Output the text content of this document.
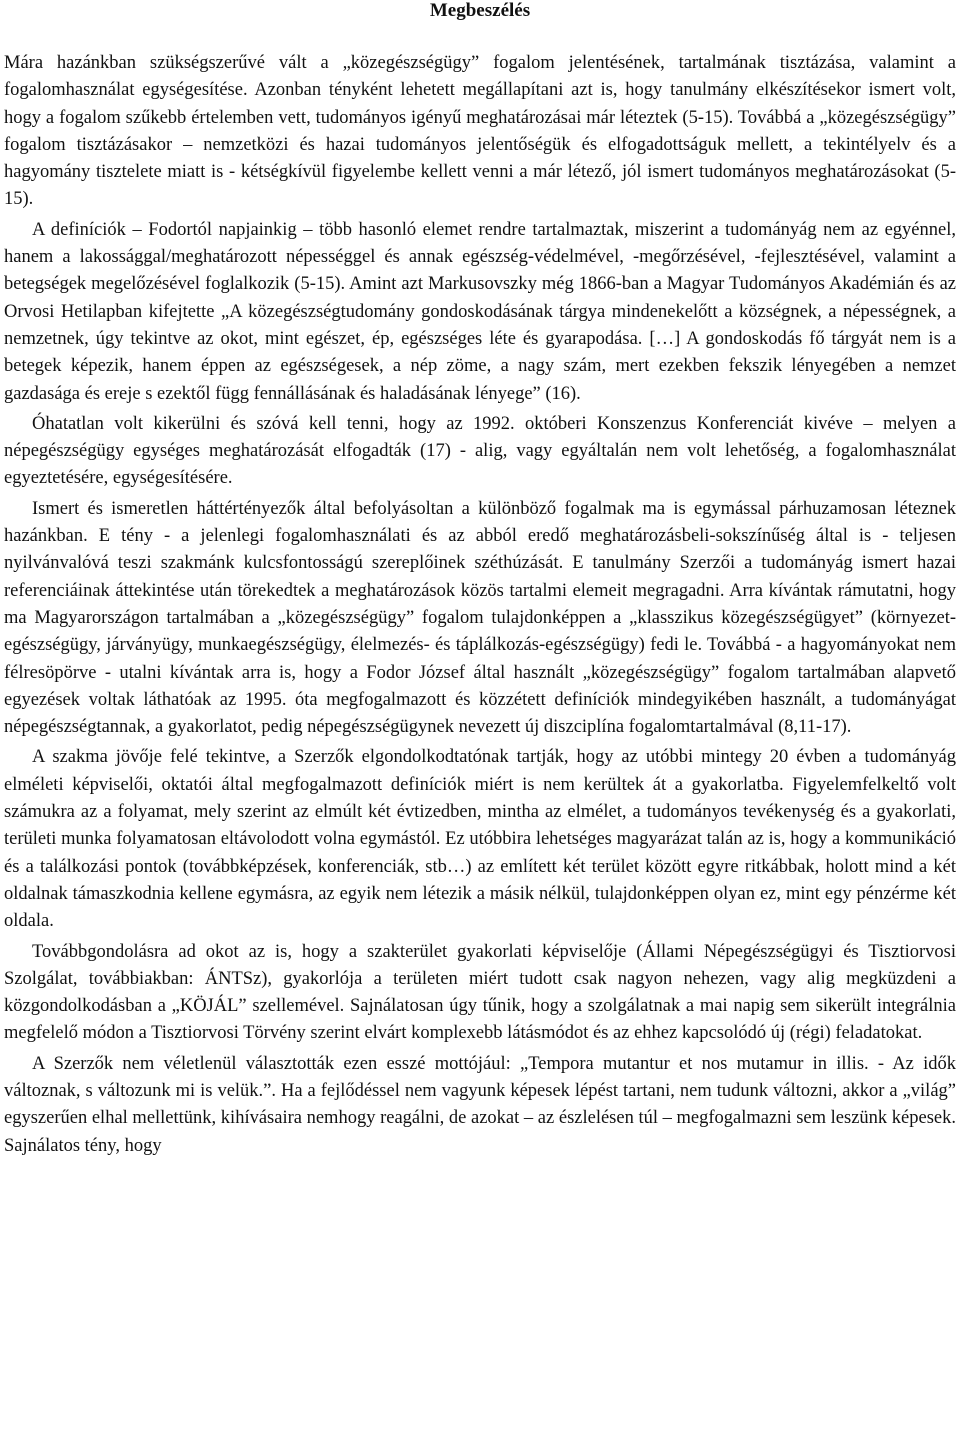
Megbeszélés

Mára hazánkban szükségszerűvé vált a „közegészségügy” fogalom jelentésének, tartalmának tisztázása, valamint a fogalomhasználat egységesítése. Azonban tényként lehetett megállapítani azt is, hogy tanulmány elkészítésekor ismert volt, hogy a fogalom szűkebb értelemben vett, tudományos igényű meghatározásai már léteztek (5-15). Továbbá a „közegészségügy” fogalom tisztázásakor – nemzetközi és hazai tudományos jelentőségük és elfogadottságuk mellett, a tekintélyelv és a hagyomány tisztelete miatt is - kétségkívül figyelembe kellett venni a már létező, jól ismert tudományos meghatározásokat (5-15).

A definíciók – Fodortól napjainkig – több hasonló elemet rendre tartalmaztak, miszerint a tudományág nem az egyénnel, hanem a lakossággal/meghatározott népességgel és annak egészség-védelmével, -megőrzésével, -fejlesztésével, valamint a betegségek megelőzésével foglalkozik (5-15). Amint azt Markusovszky még 1866-ban a Magyar Tudományos Akadémián és az Orvosi Hetilapban kifejtette „A közegészségtudomány gondoskodásának tárgya mindenekelőtt a községnek, a népességnek, a nemzetnek, úgy tekintve az okot, mint egészet, ép, egészséges léte és gyarapodása. […] A gondoskodás fő tárgyát nem is a betegek képezik, hanem éppen az egészségesek, a nép zöme, a nagy szám, mert ezekben fekszik lényegében a nemzet gazdasága és ereje s ezektől függ fennállásának és haladásának lényege” (16).

Óhatatlan volt kikerülni és szóvá kell tenni, hogy az 1992. októberi Konszenzus Konferenciát kivéve – melyen a népegészségügy egységes meghatározását elfogadták (17) - alig, vagy egyáltalán nem volt lehetőség, a fogalomhasználat egyeztetésére, egységesítésére.

Ismert és ismeretlen háttértényezők által befolyásoltan a különböző fogalmak ma is egymással párhuzamosan léteznek hazánkban. E tény - a jelenlegi fogalomhasználati és az abból eredő meghatározásbeli-sokszínűség által is - teljesen nyilvánvalóvá teszi szakmánk kulcsfontosságú szereplőinek széthúzását. E tanulmány Szerzői a tudományág ismert hazai referenciáinak áttekintése után törekedtek a meghatározások közös tartalmi elemeit megragadni. Arra kívántak rámutatni, hogy ma Magyarországon tartalmában a „közegészségügy” fogalom tulajdonképpen a „klasszikus közegészségügyet” (környezet-egészségügy, járványügy, munkaegészségügy, élelmezés- és táplálkozás-egészségügy) fedi le. Továbbá - a hagyományokat nem félresöpörve - utalni kívántak arra is, hogy a Fodor József által használt „közegészségügy” fogalom tartalmában alapvető egyezések voltak láthatóak az 1995. óta megfogalmazott és közzétett definíciók mindegyikében használt, a tudományágat népegészségtannak, a gyakorlatot, pedig népegészségügynek nevezett új diszciplína fogalomtartalmával (8,11-17).

A szakma jövője felé tekintve, a Szerzők elgondolkodtatónak tartják, hogy az utóbbi mintegy 20 évben a tudományág elméleti képviselői, oktatói által megfogalmazott definíciók miért is nem kerültek át a gyakorlatba. Figyelemfelkeltő volt számukra az a folyamat, mely szerint az elmúlt két évtizedben, mintha az elmélet, a tudományos tevékenység és a gyakorlati, területi munka folyamatosan eltávolodott volna egymástól. Ez utóbbira lehetséges magyarázat talán az is, hogy a kommunikáció és a találkozási pontok (továbbképzések, konferenciák, stb…) az említett két terület között egyre ritkábbak, holott mind a két oldalnak támaszkodnia kellene egymásra, az egyik nem létezik a másik nélkül, tulajdonképpen olyan ez, mint egy pénzérme két oldala.

Továbbgondolásra ad okot az is, hogy a szakterület gyakorlati képviselője (Állami Népegészségügyi és Tisztiorvosi Szolgálat, továbbiakban: ÁNTSz), gyakorlója a területen miért tudott csak nagyon nehezen, vagy alig megküzdeni a közgondolkodásban a „KÖJÁL” szellemével. Sajnálatosan úgy tűnik, hogy a szolgálatnak a mai napig sem sikerült integrálnia megfelelő módon a Tisztiorvosi Törvény szerint elvárt komplexebb látásmódot és az ehhez kapcsolódó új (régi) feladatokat.

A Szerzők nem véletlenül választották ezen esszé mottójául: „Tempora mutantur et nos mutamur in illis. - Az idők változnak, s változunk mi is velük.”. Ha a fejlődéssel nem vagyunk képesek lépést tartani, nem tudunk változni, akkor a „világ” egyszerűen elhal mellettünk, kihívásaira nemhogy reagálni, de azokat – az észlelésen túl – megfogalmazni sem leszünk képesek. Sajnálatos tény, hogy
